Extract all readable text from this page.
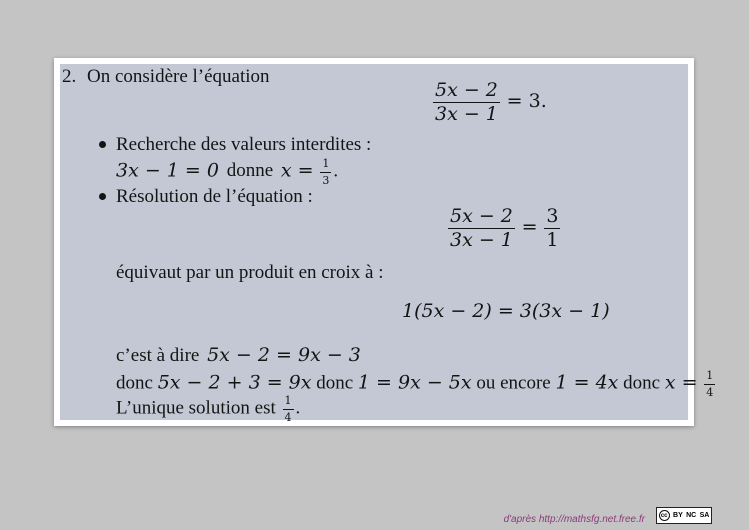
2. On considère l’équation
$\frac{5x - 2}{3x - 1} = 3$.
Recherche des valeurs interdites :
3x − 1 = 0 donne $x = \frac{1}{3}$ .
Résolution de l’équation :
$\frac{5x - 2}{3x - 1} = \frac{3}{1}$
équivaut par un produit en croix à :
1(5x − 2) = 3(3x − 1)
c’est à dire 5x − 2 = 9x − 3
donc 5x − 2 + 3 = 9x donc 1 = 9x − 5x ou encore 1 = 4x donc $x = \frac{1}{4}$
L’unique solution est $\frac{1}{4}$ .
d'après http://mathsfg.net.free.fr	cc BY NC SA
